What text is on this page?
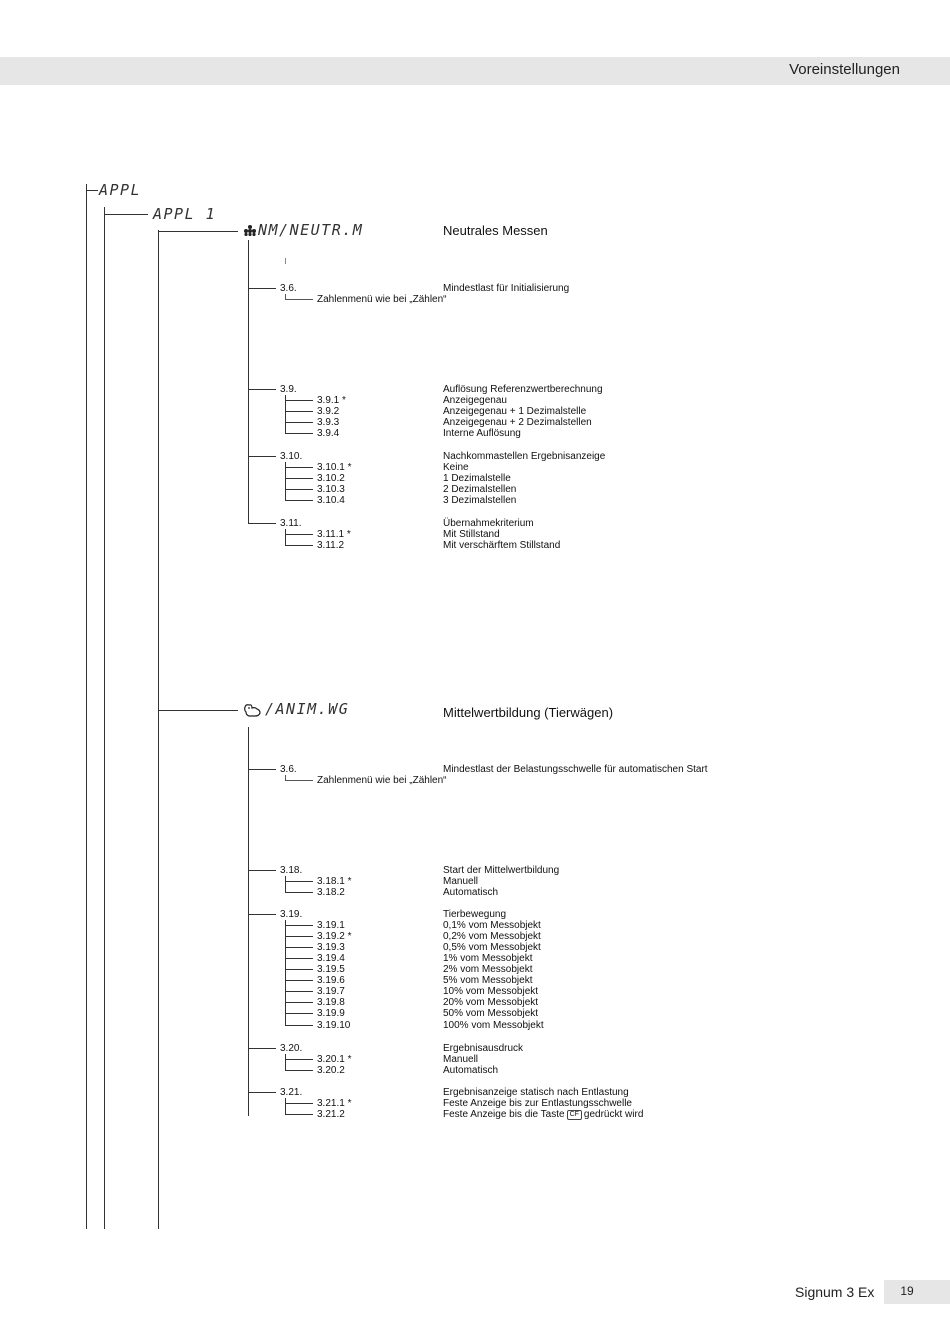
Voreinstellungen
APPL
APPL 1
NM/NEUTR.M	Neutrales Messen
/ANIM.WG	Mittelwertbildung (Tierwägen)
3.6.	Mindestlast für Initialisierung
Zahlenmenü wie bei „Zählen“
3.9.	Auflösung Referenzwertberechnung
3.9.1 *	Anzeigegenau
3.9.2	Anzeigegenau + 1 Dezimalstelle
3.9.3	Anzeigegenau + 2 Dezimalstellen
3.9.4	Interne Auflösung
3.10.	Nachkommastellen Ergebnisanzeige
3.10.1 *	Keine
3.10.2	1 Dezimalstelle
3.10.3	2 Dezimalstellen
3.10.4	3 Dezimalstellen
3.11.	Übernahmekriterium
3.11.1 *	Mit Stillstand
3.11.2	Mit verschärftem Stillstand
3.6.	Mindestlast der Belastungsschwelle für automatischen Start
Zahlenmenü wie bei „Zählen“
3.18.	Start der Mittelwertbildung
3.18.1 *	Manuell
3.18.2	Automatisch
3.19.	Tierbewegung
3.19.1	0,1% vom Messobjekt
3.19.2 *	0,2% vom Messobjekt
3.19.3	0,5% vom Messobjekt
3.19.4	1% vom Messobjekt
3.19.5	2% vom Messobjekt
3.19.6	5% vom Messobjekt
3.19.7	10% vom Messobjekt
3.19.8	20% vom Messobjekt
3.19.9	50% vom Messobjekt
3.19.10	100% vom Messobjekt
3.20.	Ergebnisausdruck
3.20.1 *	Manuell
3.20.2	Automatisch
3.21.	Ergebnisanzeige statisch nach Entlastung
3.21.1 *	Feste Anzeige bis zur Entlastungsschwelle
3.21.2	Feste Anzeige bis die Taste CF gedrückt wird
Signum 3 Ex	19
